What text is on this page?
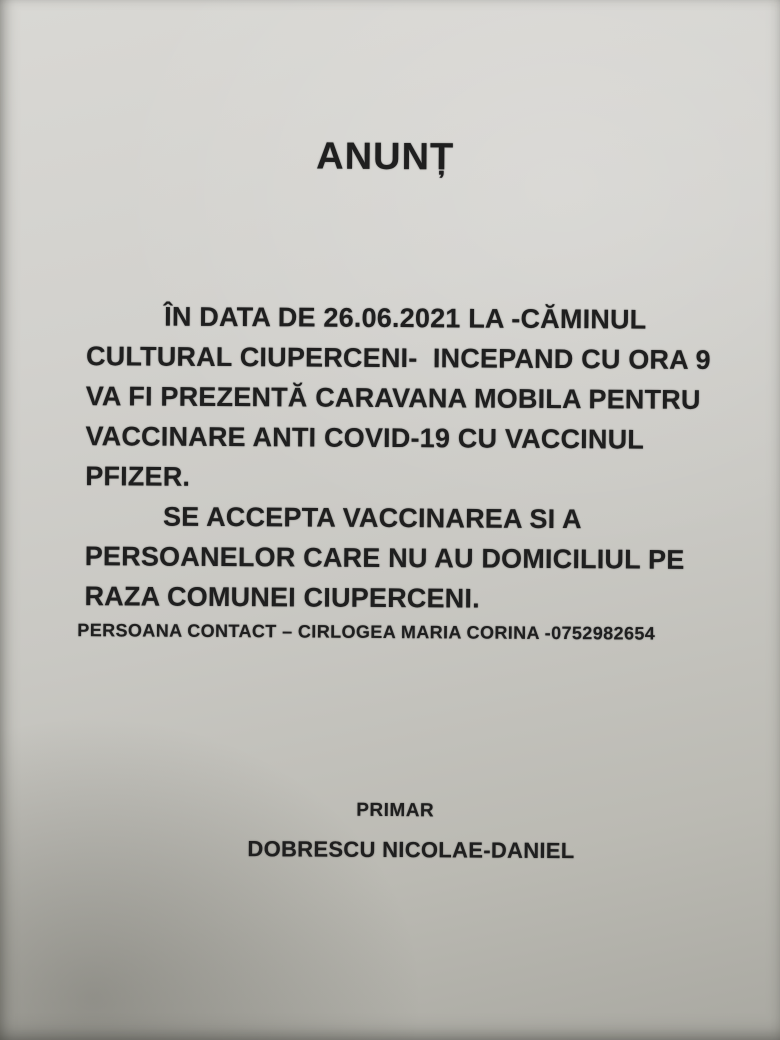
ANUNȚ
ÎN DATA DE 26.06.2021 LA -CĂMINUL
CULTURAL CIUPERCENI-  INCEPAND CU ORA 9
VA FI PREZENTĂ CARAVANA MOBILA PENTRU
VACCINARE ANTI COVID-19 CU VACCINUL
PFIZER.
SE ACCEPTA VACCINAREA SI A
PERSOANELOR CARE NU AU DOMICILIUL PE
RAZA COMUNEI CIUPERCENI.
PERSOANA CONTACT – CIRLOGEA MARIA CORINA -0752982654
PRIMAR
DOBRESCU NICOLAE-DANIEL
